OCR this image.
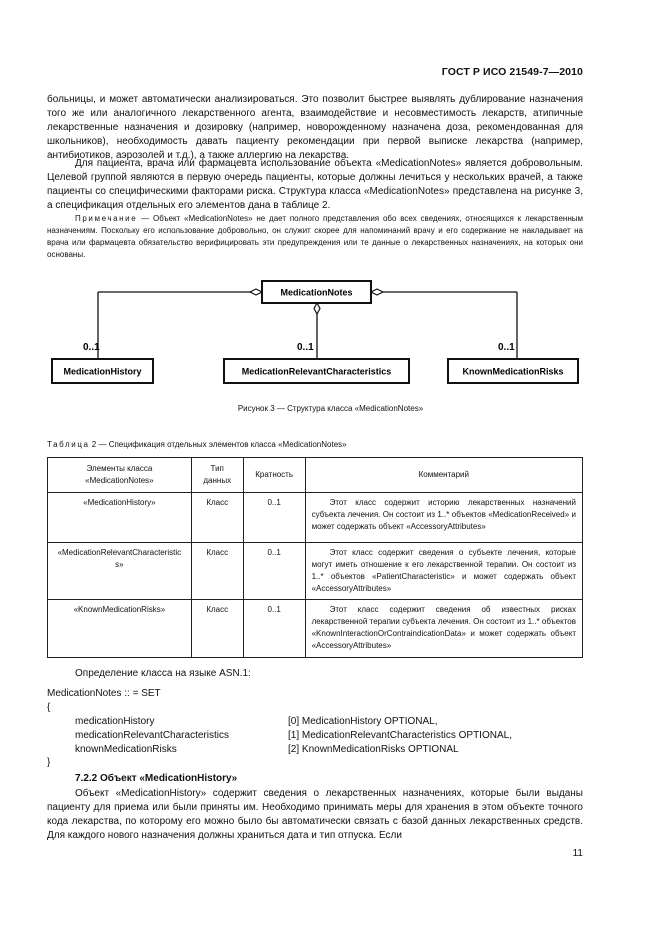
ГОСТ Р ИСО 21549-7—2010

больницы, и может автоматически анализироваться. Это позволит быстрее выявлять дублирование назначения того же или аналогичного лекарственного агента, взаимодействие и несовместимость лекарств, атипичные лекарственные назначения и дозировку (например, новорожденному назначена доза, рекомендованная для школьников), необходимость давать пациенту рекомендации при первой выписке лекарства (например, антибиотиков, аэрозолей и т.д.), а также аллергию на лекарства.

Для пациента, врача или фармацевта использование объекта «MedicationNotes» является добровольным. Целевой группой являются в первую очередь пациенты, которые должны лечиться у нескольких врачей, а также пациенты со специфическими факторами риска. Структура класса «MedicationNotes» представлена на рисунке 3, а спецификация отдельных его элементов дана в таблице 2.

Примечание — Объект «MedicationNotes» не дает полного представления обо всех сведениях, относящихся к лекарственным назначениям. Поскольку его использование добровольно, он служит скорее для напоминаний врачу и его содержание не накладывает на врача или фармацевта обязательство верифицировать эти предупреждения или те данные о лекарственных назначениях, на которых они основаны.

MedicationNotes
MedicationHistory	MedicationRelevantCharacteristics	KnownMedicationRisks
0..1	0..1	0..1
Рисунок 3 — Структура класса «MedicationNotes»
Таблица 2 — Спецификация отдельных элементов класса «MedicationNotes»
Элементы класса «MedicationNotes»	Тип данных	Кратность	Комментарий
«MedicationHistory»	Класс	0..1	Этот класс содержит историю лекарственных назначений субъекта лечения. Он состоит из 1..* объектов «MedicationReceived» и может содержать объект «AccessoryAttributes»
«MedicationRelevantCharacteristics»	Класс	0..1	Этот класс содержит сведения о субъекте лечения, которые могут иметь отношение к его лекарственной терапии. Он состоит из 1..* объектов «PatientCharacteristic» и может содержать объект «AccessoryAttributes»
«KnownMedicationRisks»	Класс	0..1	Этот класс содержит сведения об известных рисках лекарственной терапии субъекта лечения. Он состоит из 1..* объектов «KnownInteractionOrContraindicationData» и может содержать объект «AccessoryAttributes»
Определение класса на языке ASN.1:
MedicationNotes :: = SET
{
medicationHistory	[0] MedicationHistory OPTIONAL,
medicationRelevantCharacteristics	[1] MedicationRelevantCharacteristics OPTIONAL,
knownMedicationRisks	[2] KnownMedicationRisks OPTIONAL
}
7.2.2 Объект «MedicationHistory»

Объект «MedicationHistory» содержит сведения о лекарственных назначениях, которые были выданы пациенту для приема или были приняты им. Необходимо принимать меры для хранения в этом объекте точного кода лекарства, по которому его можно было бы автоматически связать с базой данных лекарственных средств. Для каждого нового назначения должны храниться дата и тип отпуска. Если

11
